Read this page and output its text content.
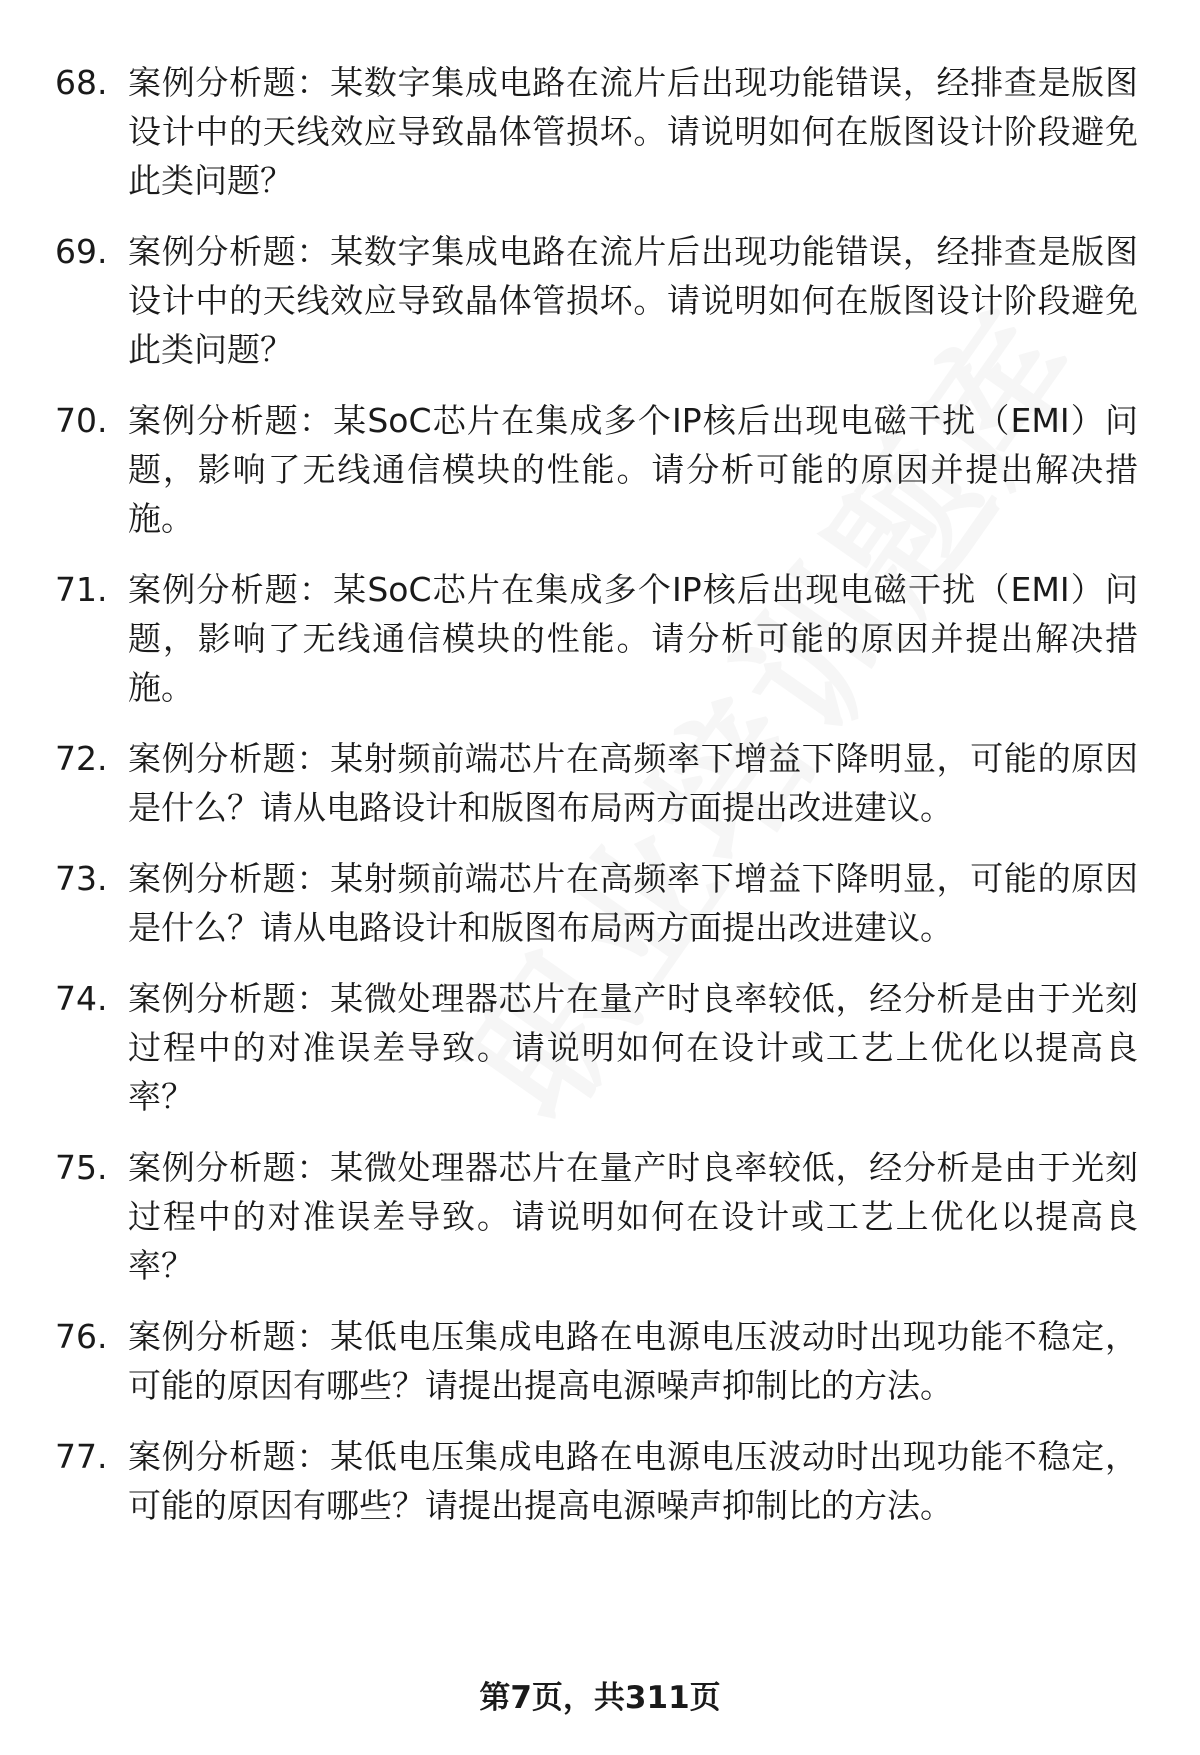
68. 案例分析题：某数字集成电路在流片后出现功能错误，经排查是版图设计中的天线效应导致晶体管损坏。请说明如何在版图设计阶段避免此类问题？
69. 案例分析题：某数字集成电路在流片后出现功能错误，经排查是版图设计中的天线效应导致晶体管损坏。请说明如何在版图设计阶段避免此类问题？
70. 案例分析题：某SoC芯片在集成多个IP核后出现电磁干扰（EMI）问题，影响了无线通信模块的性能。请分析可能的原因并提出解决措施。
71. 案例分析题：某SoC芯片在集成多个IP核后出现电磁干扰（EMI）问题，影响了无线通信模块的性能。请分析可能的原因并提出解决措施。
72. 案例分析题：某射频前端芯片在高频率下增益下降明显，可能的原因是什么？请从电路设计和版图布局两方面提出改进建议。
73. 案例分析题：某射频前端芯片在高频率下增益下降明显，可能的原因是什么？请从电路设计和版图布局两方面提出改进建议。
74. 案例分析题：某微处理器芯片在量产时良率较低，经分析是由于光刻过程中的对准误差导致。请说明如何在设计或工艺上优化以提高良率？
75. 案例分析题：某微处理器芯片在量产时良率较低，经分析是由于光刻过程中的对准误差导致。请说明如何在设计或工艺上优化以提高良率？
76. 案例分析题：某低电压集成电路在电源电压波动时出现功能不稳定，可能的原因有哪些？请提出提高电源噪声抑制比的方法。
77. 案例分析题：某低电压集成电路在电源电压波动时出现功能不稳定，可能的原因有哪些？请提出提高电源噪声抑制比的方法。
第7页，共311页
